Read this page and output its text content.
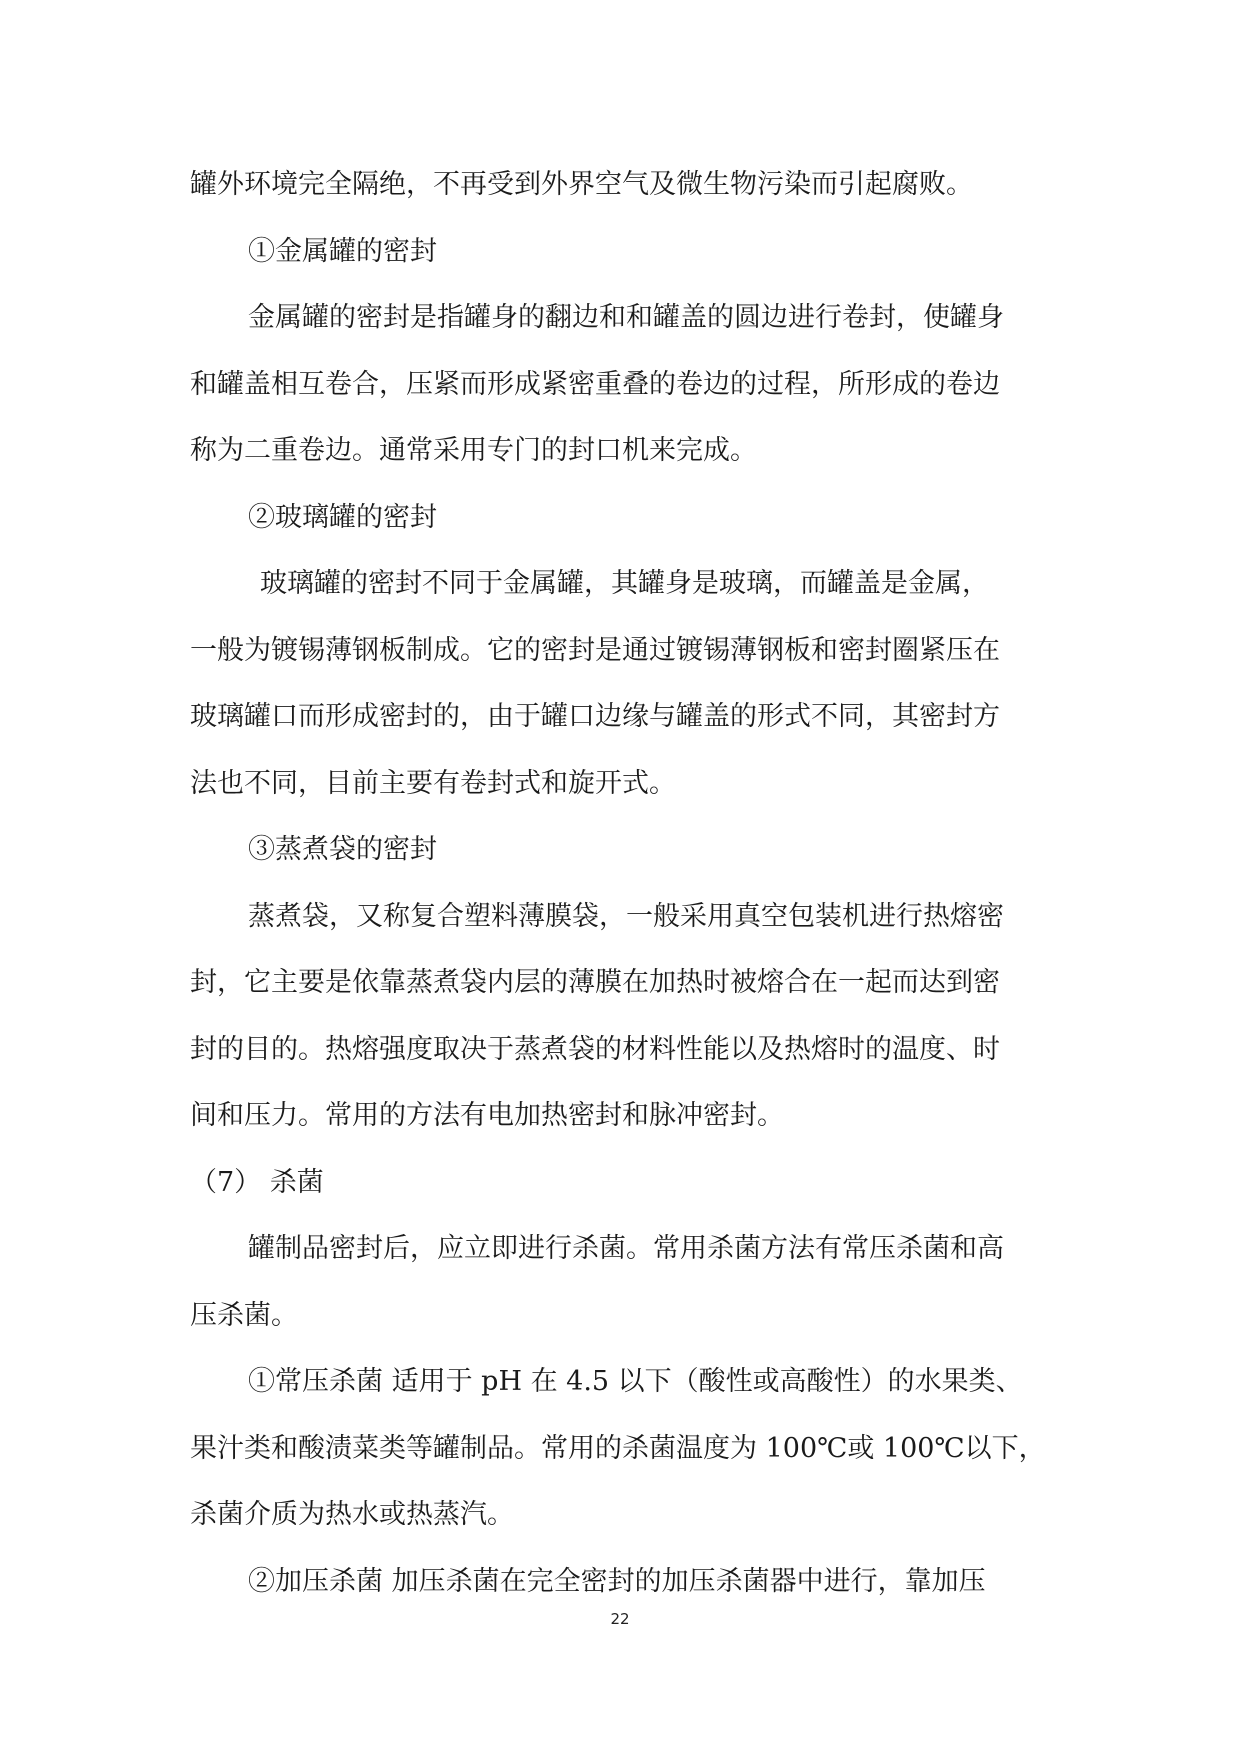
罐外环境完全隔绝，不再受到外界空气及微生物污染而引起腐败。
①金属罐的密封
金属罐的密封是指罐身的翻边和和罐盖的圆边进行卷封，使罐身
和罐盖相互卷合，压紧而形成紧密重叠的卷边的过程，所形成的卷边
称为二重卷边。通常采用专门的封口机来完成。
②玻璃罐的密封
玻璃罐的密封不同于金属罐，其罐身是玻璃，而罐盖是金属，
一般为镀锡薄钢板制成。它的密封是通过镀锡薄钢板和密封圈紧压在
玻璃罐口而形成密封的，由于罐口边缘与罐盖的形式不同，其密封方
法也不同，目前主要有卷封式和旋开式。
③蒸煮袋的密封
蒸煮袋，又称复合塑料薄膜袋，一般采用真空包装机进行热熔密
封，它主要是依靠蒸煮袋内层的薄膜在加热时被熔合在一起而达到密
封的目的。热熔强度取决于蒸煮袋的材料性能以及热熔时的温度、时
间和压力。常用的方法有电加热密封和脉冲密封。
（7） 杀菌
罐制品密封后，应立即进行杀菌。常用杀菌方法有常压杀菌和高
压杀菌。
①常压杀菌 适用于 pH 在 4.5 以下（酸性或高酸性）的水果类、
果汁类和酸渍菜类等罐制品。常用的杀菌温度为 100℃或 100℃以下，
杀菌介质为热水或热蒸汽。
②加压杀菌 加压杀菌在完全密封的加压杀菌器中进行，靠加压
22
